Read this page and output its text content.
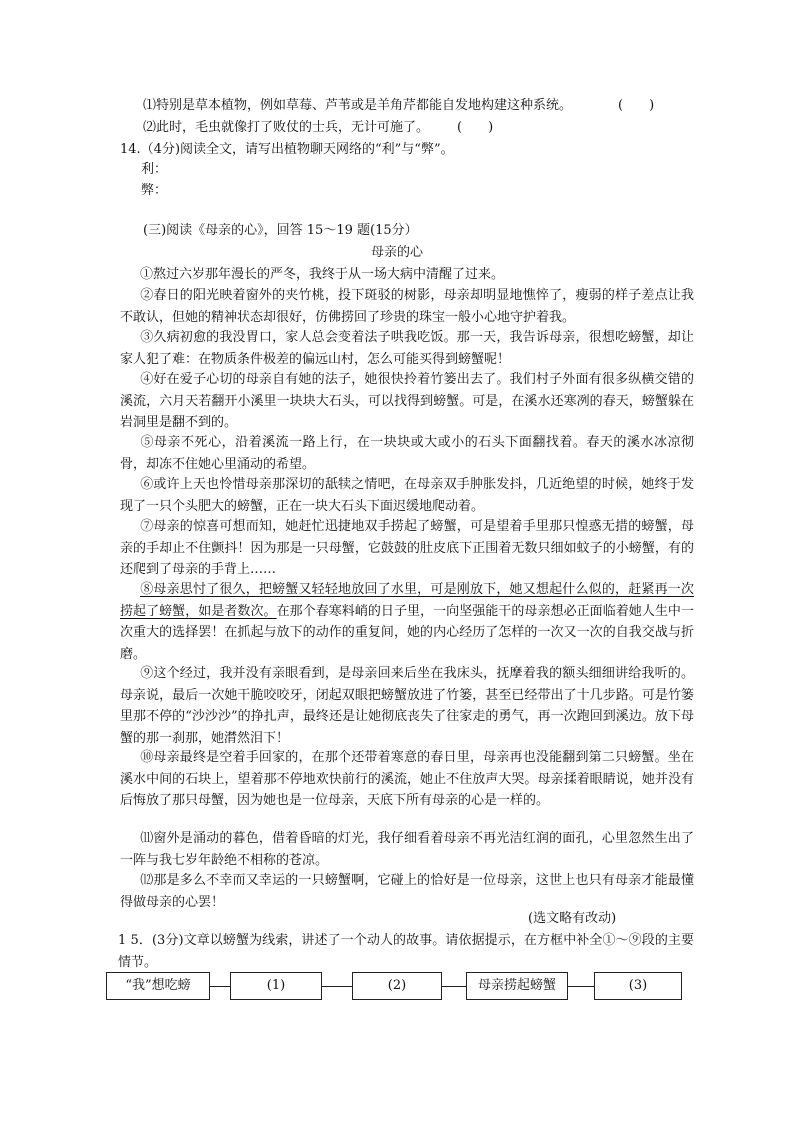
⑴特别是草本植物，例如草莓、芦苇或是羊角芹都能自发地构建这种系统。	(　　)
⑵此时，毛虫就像打了败仗的士兵，无计可施了。 (　　)
14.（4分)阅读全文，请写出植物聊天网络的“利”与“弊”。
利：
弊：
(三)阅读《母亲的心》，回答 15～19 题(15分）
母亲的心
①熬过六岁那年漫长的严冬，我终于从一场大病中清醒了过来。
②春日的阳光映着窗外的夹竹桃，投下斑驳的树影，母亲却明显地憔悴了，瘦弱的样子差点让我不敢认，但她的精神状态却很好，仿佛捞回了珍贵的珠宝一般小心地守护着我。
③久病初愈的我没胃口，家人总会变着法子哄我吃饭。那一天，我告诉母亲，很想吃螃蟹，却让家人犯了难：在物质条件极差的偏远山村，怎么可能买得到螃蟹呢！
④好在爱子心切的母亲自有她的法子，她很快拎着竹篓出去了。我们村子外面有很多纵横交错的溪流，六月天若翻开小溪里一块块大石头，可以找得到螃蟹。可是，在溪水还寒冽的春天，螃蟹躲在岩洞里是翻不到的。
⑤母亲不死心，沿着溪流一路上行，在一块块或大或小的石头下面翻找着。春天的溪水冰凉彻骨，却冻不住她心里涌动的希望。
⑥或许上天也怜惜母亲那深切的舐犊之情吧，在母亲双手肿胀发抖，几近绝望的时候，她终于发现了一只个头肥大的螃蟹，正在一块大石头下面迟缓地爬动着。
⑦母亲的惊喜可想而知，她赶忙迅捷地双手捞起了螃蟹，可是望着手里那只惶惑无措的螃蟹，母亲的手却止不住颤抖！因为那是一只母蟹，它鼓鼓的肚皮底下正围着无数只细如蚊子的小螃蟹，有的还爬到了母亲的手背上……
⑧母亲思忖了很久，把螃蟹又轻轻地放回了水里，可是刚放下，她又想起什么似的，赶紧再一次捞起了螃蟹，如是者数次。在那个春寒料峭的日子里，一向坚强能干的母亲想必正面临着她人生中一次重大的选择罢！在抓起与放下的动作的重复间，她的内心经历了怎样的一次又一次的自我交战与折磨。
⑨这个经过，我并没有亲眼看到，是母亲回来后坐在我床头，抚摩着我的额头细细讲给我听的。母亲说，最后一次她干脆咬咬牙，闭起双眼把螃蟹放进了竹篓，甚至已经带出了十几步路。可是竹篓里那不停的“沙沙沙”的挣扎声，最终还是让她彻底丧失了往家走的勇气，再一次跑回到溪边。放下母蟹的那一刹那，她潸然泪下！
⑩母亲最终是空着手回家的，在那个还带着寒意的春日里，母亲再也没能翻到第二只螃蟹。坐在溪水中间的石块上，望着那不停地欢快前行的溪流，她止不住放声大哭。母亲揉着眼睛说，她并没有后悔放了那只母蟹，因为她也是一位母亲，天底下所有母亲的心是一样的。
⑾窗外是涌动的暮色，借着昏暗的灯光，我仔细看着母亲不再光洁红润的面孔，心里忽然生出了一阵与我七岁年龄绝不相称的苍凉。
⑿那是多么不幸而又幸运的一只螃蟹啊，它碰上的恰好是一位母亲，这世上也只有母亲才能最懂得做母亲的心罢！
(选文略有改动)
1 5．(3分)文章以螃蟹为线索，讲述了一个动人的故事。请依据提示，在方框中补全①～⑨段的主要情节。
“我”想吃螃	(1)	(2)	母亲捞起螃蟹	(3)
